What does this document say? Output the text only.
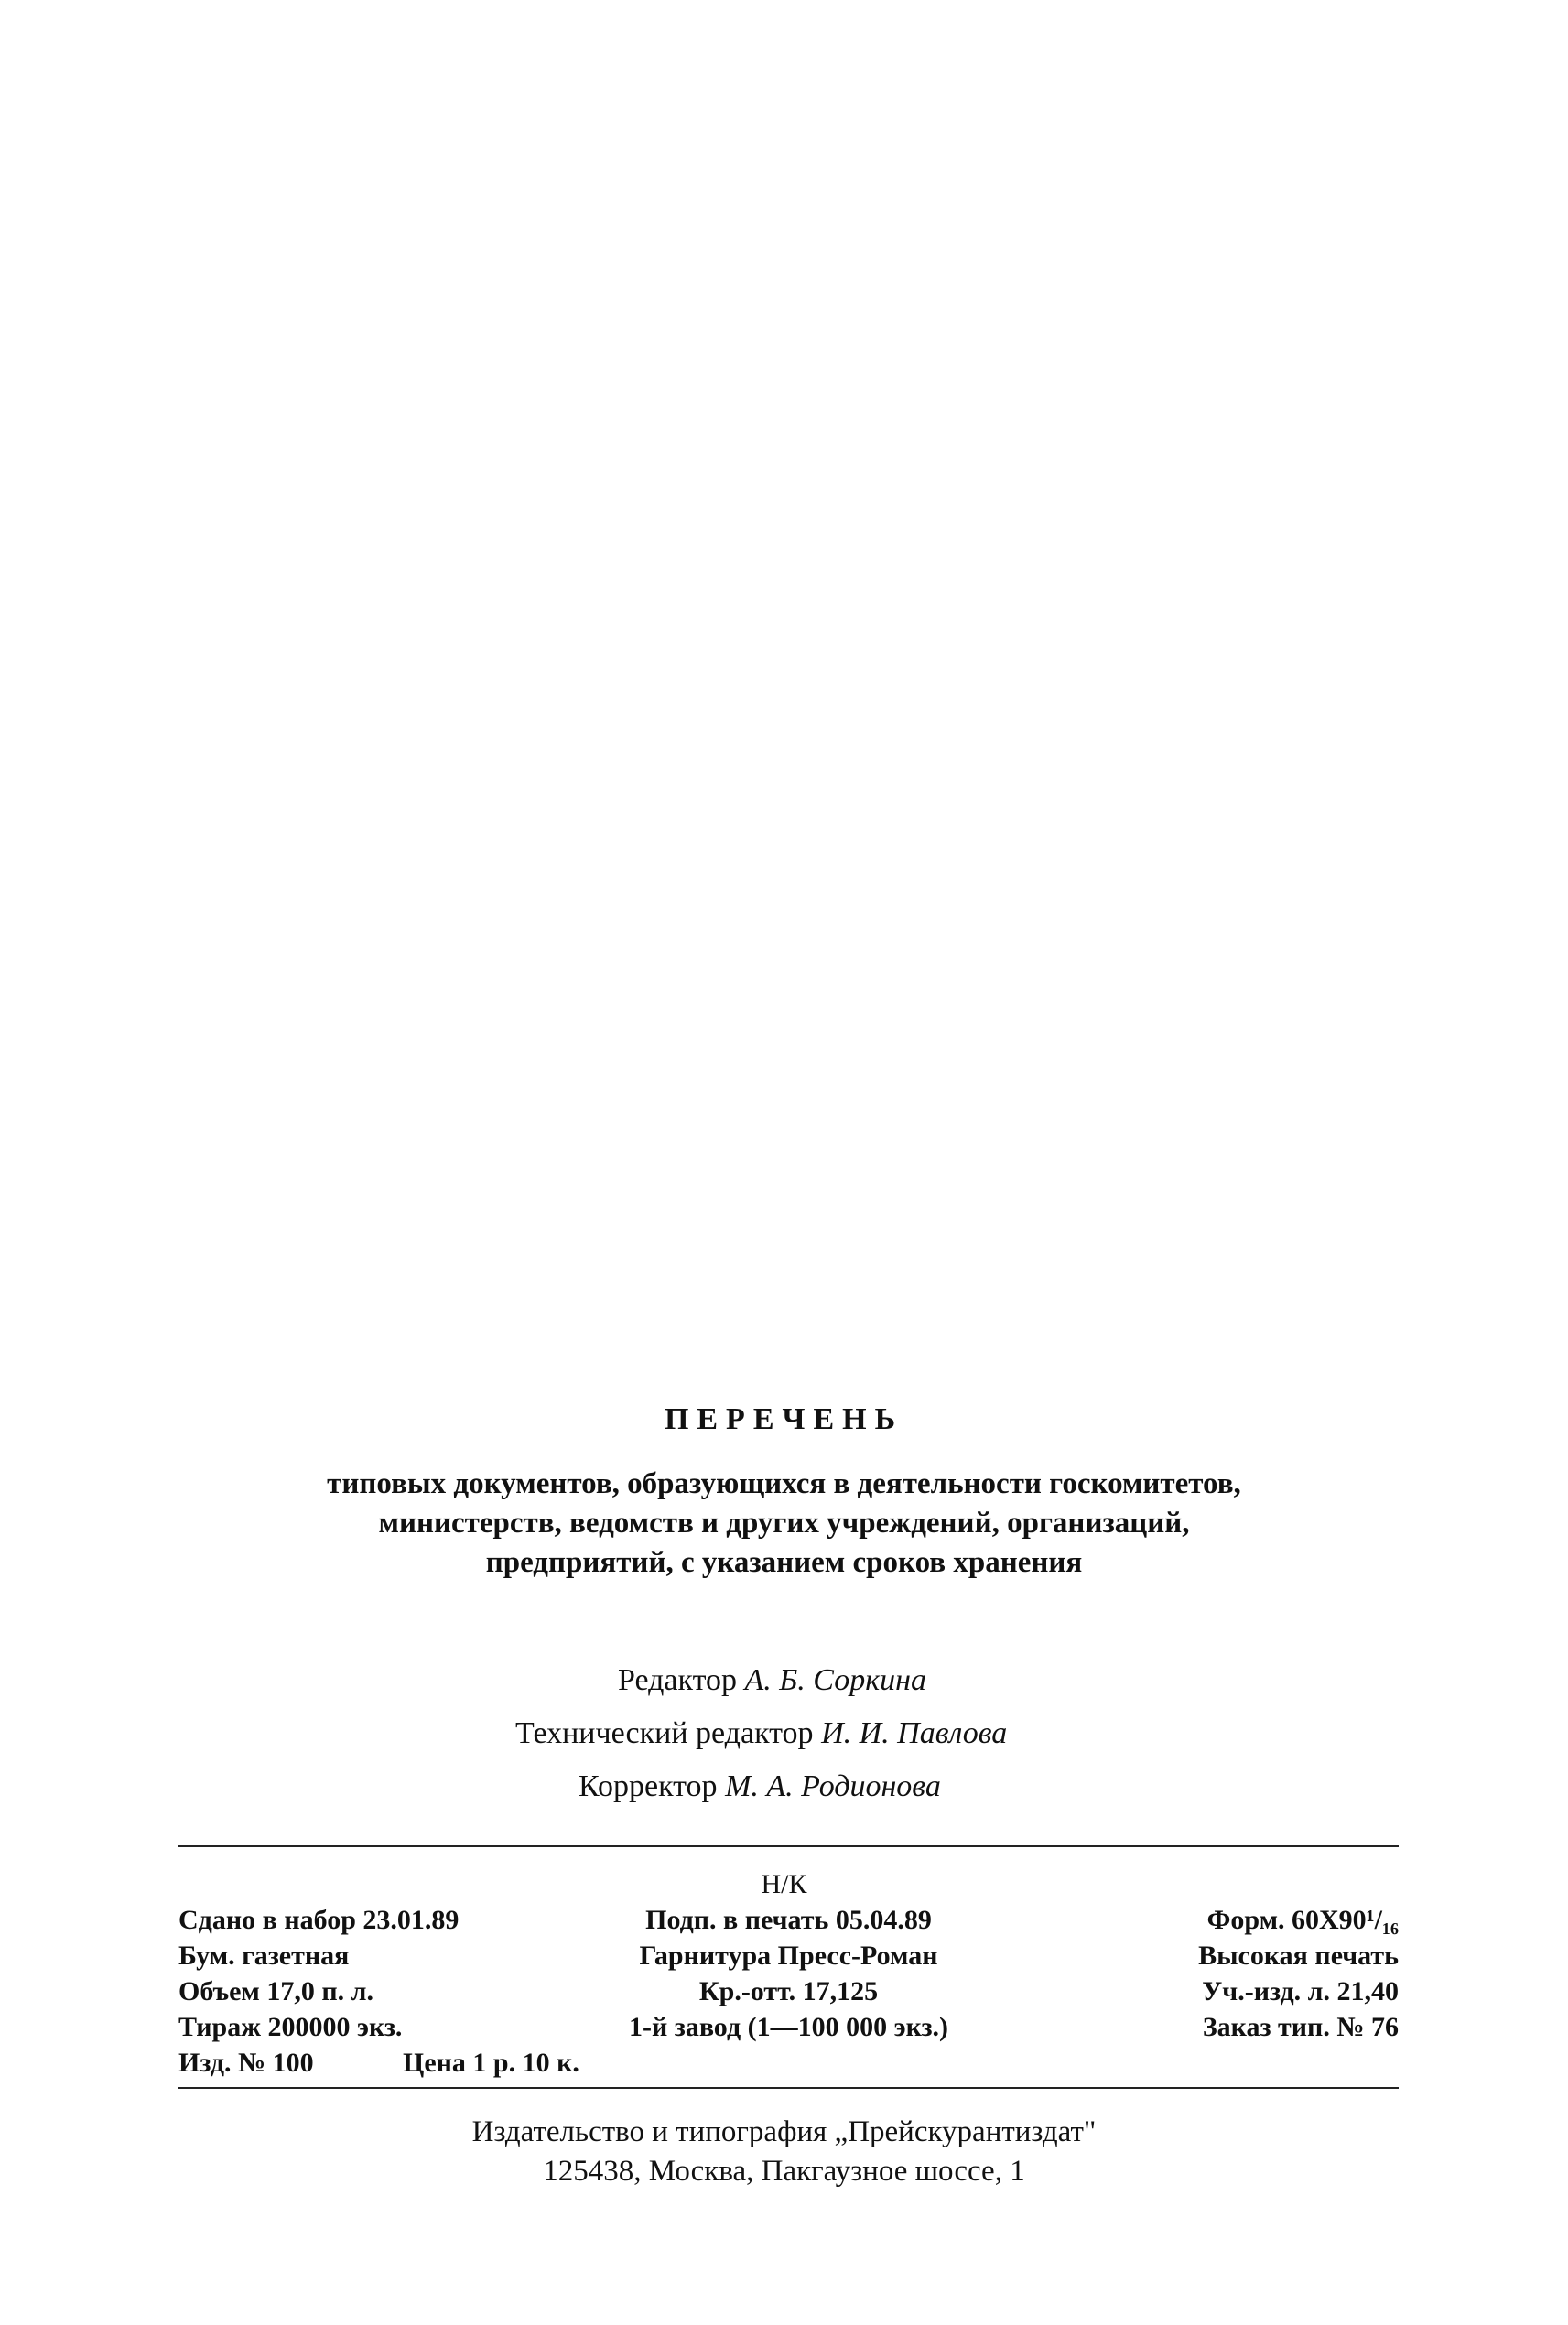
ПЕРЕЧЕНЬ
типовых документов, образующихся в деятельности госкомитетов,
министерств, ведомств и других учреждений, организаций,
предприятий, с указанием сроков хранения
Редактор А. Б. Соркина
Технический редактор И. И. Павлова
Корректор М. А. Родионова
Н/К
Сдано в набор 23.01.89	Подп. в печать 05.04.89	Форм. 60Х90¹/₁₆
Бум. газетная	Гарнитура Пресс-Роман	Высокая печать
Объем 17,0 п. л.	Кр.-отт. 17,125	Уч.-изд. л. 21,40
Тираж 200000 экз.	1-й завод (1—100 000 экз.)	Заказ тип. № 76
Изд. № 100	Цена 1 р. 10 к.
Издательство и типография „Прейскурантиздат"
125438, Москва, Пакгаузное шоссе, 1
